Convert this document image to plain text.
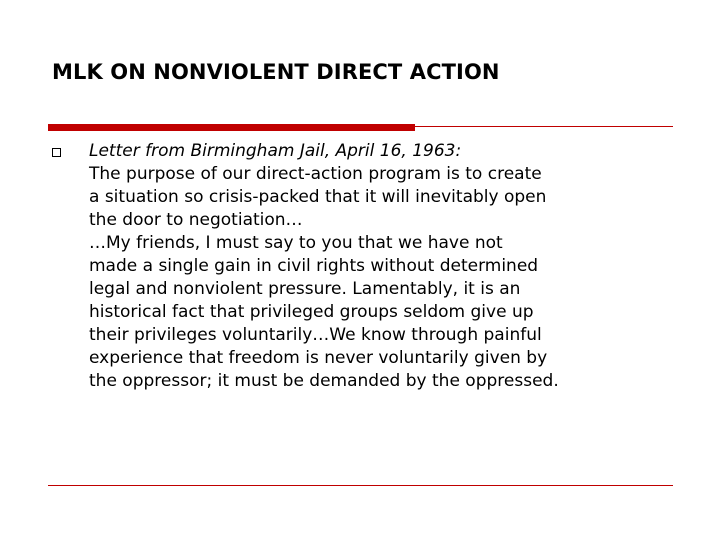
MLK ON NONVIOLENT DIRECT ACTION
Letter from Birmingham Jail, April 16, 1963:
The purpose of our direct-action program is to create
a situation so crisis-packed that it will inevitably open
the door to negotiation…
…My friends, I must say to you that we have not
made a single gain in civil rights without determined
legal and nonviolent pressure. Lamentably, it is an
historical fact that privileged groups seldom give up
their privileges voluntarily…We know through painful
experience that freedom is never voluntarily given by
the oppressor; it must be demanded by the oppressed.
